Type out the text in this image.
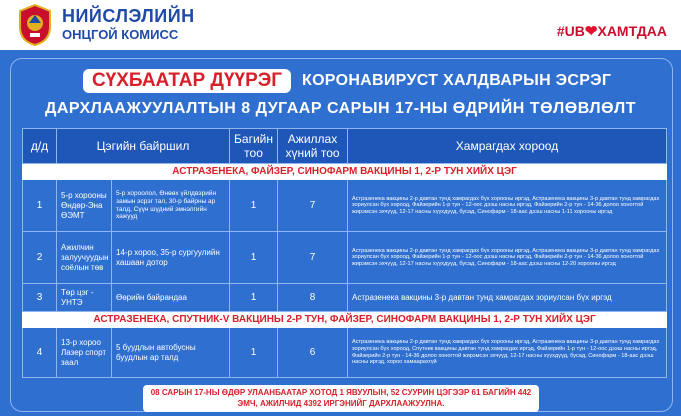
НИЙСЛЭЛИЙН
ОНЦГОЙ КОМИСС	#UB❤ХАМТДАА
СҮХБААТАР ДҮҮРЭГ	КОРОНАВИРУСТ ХАЛДВАРЫН ЭСРЭГ
ДАРХЛААЖУУЛАЛТЫН 8 ДУГААР САРЫН 17-НЫ ӨДРИЙН ТӨЛӨВЛӨЛТ
д/д	Цэгийн байршил		Багийн тоо	Ажиллах хүний тоо	Хамрагдах хороод
АСТРАЗЕНЕКА, ФАЙЗЕР, СИНОФАРМ ВАКЦИНЫ 1, 2-Р ТУН ХИЙХ ЦЭГ					
1	5-р хорооны Өндөр-Эна ӨЭМТ	5-р хороолол, Өнөөх үйлдвэрийн замын эсрэг тал, 30-р байрны ар талд, Сүүн шүдний эмнэлгийн хажууд	1	7	Астразенека вакцины 2-р давтан тунд хамрагдах бүх хорооны иргэд, Астразенека вакцины 3-р давтан тунд хамрагдах зориулсан бүх хороод, Файзерийн 1-р тун - 12-оос дээш насны иргэд, Файзерийн 2-р тун - 14-36 долоо хоногтой жирэмсэн эхчүүд, 12-17 насны хүүхдүүд, бусад, Синофарм - 18-аас дээш насны 1-11 хорооны иргэд
2	Ажилчин залуучуудын соёлын төв	14-р хороо, 35-р сургуулийн хашаан дотор	1	7	Астразенека вакцины 2-р давтан тунд хамрагдах бүх хорооны иргэд, Астразенека вакцины 3-р давтан тунд хамрагдах зориулсан бүх хороод, Файзерийн 1-р тун - 12-оос дээш насны иргэд, Файзерийн 2-р тун - 14-36 долоо хоногтой жирэмсэн эхчүүд, 12-17 насны хүүхдүүд, бусад, Синофарм - 18-аас дээш насны 12-20 хорооны иргэд
3	Төр цэг - УНТЭ	Өөрийн байрандаа	1	8	Астразенека вакцины 3-р давтан тунд хамрагдах зориулсан бүх иргэд
АСТРАЗЕНЕКА, СПУТНИК-V ВАКЦИНЫ 2-Р ТУН, ФАЙЗЕР, СИНОФАРМ ВАКЦИНЫ 1, 2-Р ТУН ХИЙХ ЦЭГ					
4	13-р хороо Лазер спорт заал	5 буудлын автобусны буудлын ар талд	1	6	Астразенека вакцины 2-р давтан тунд хамрагдах бүх хорооны иргэд, Астразенека вакцины 3-р давтан тунд хамрагдах зориулсан бүх хороод, Спутник вакцины давтан тунд хамрагдах иргэд, Файзерийн 1-р тун - 12-оос дээш насны иргэд, Файзерийн 2-р тун - 14-36 долоо хоногтой жирэмсэн эхчүүд, 12-17 насны хүүхдүүд, бусад, Синофарм - 18-аас дээш насны иргэд, хороо хамаарахгүй
08 САРЫН 17-НЫ ӨДӨР УЛААНБААТАР ХОТОД 1 ЯВУУЛЫН, 52 СУУРИН ЦЭГЭЭР 61 БАГИЙН 442
ЭМЧ, АЖИЛЧИД 4392 ИРГЭНИЙГ ДАРХЛААЖУУЛНА.
